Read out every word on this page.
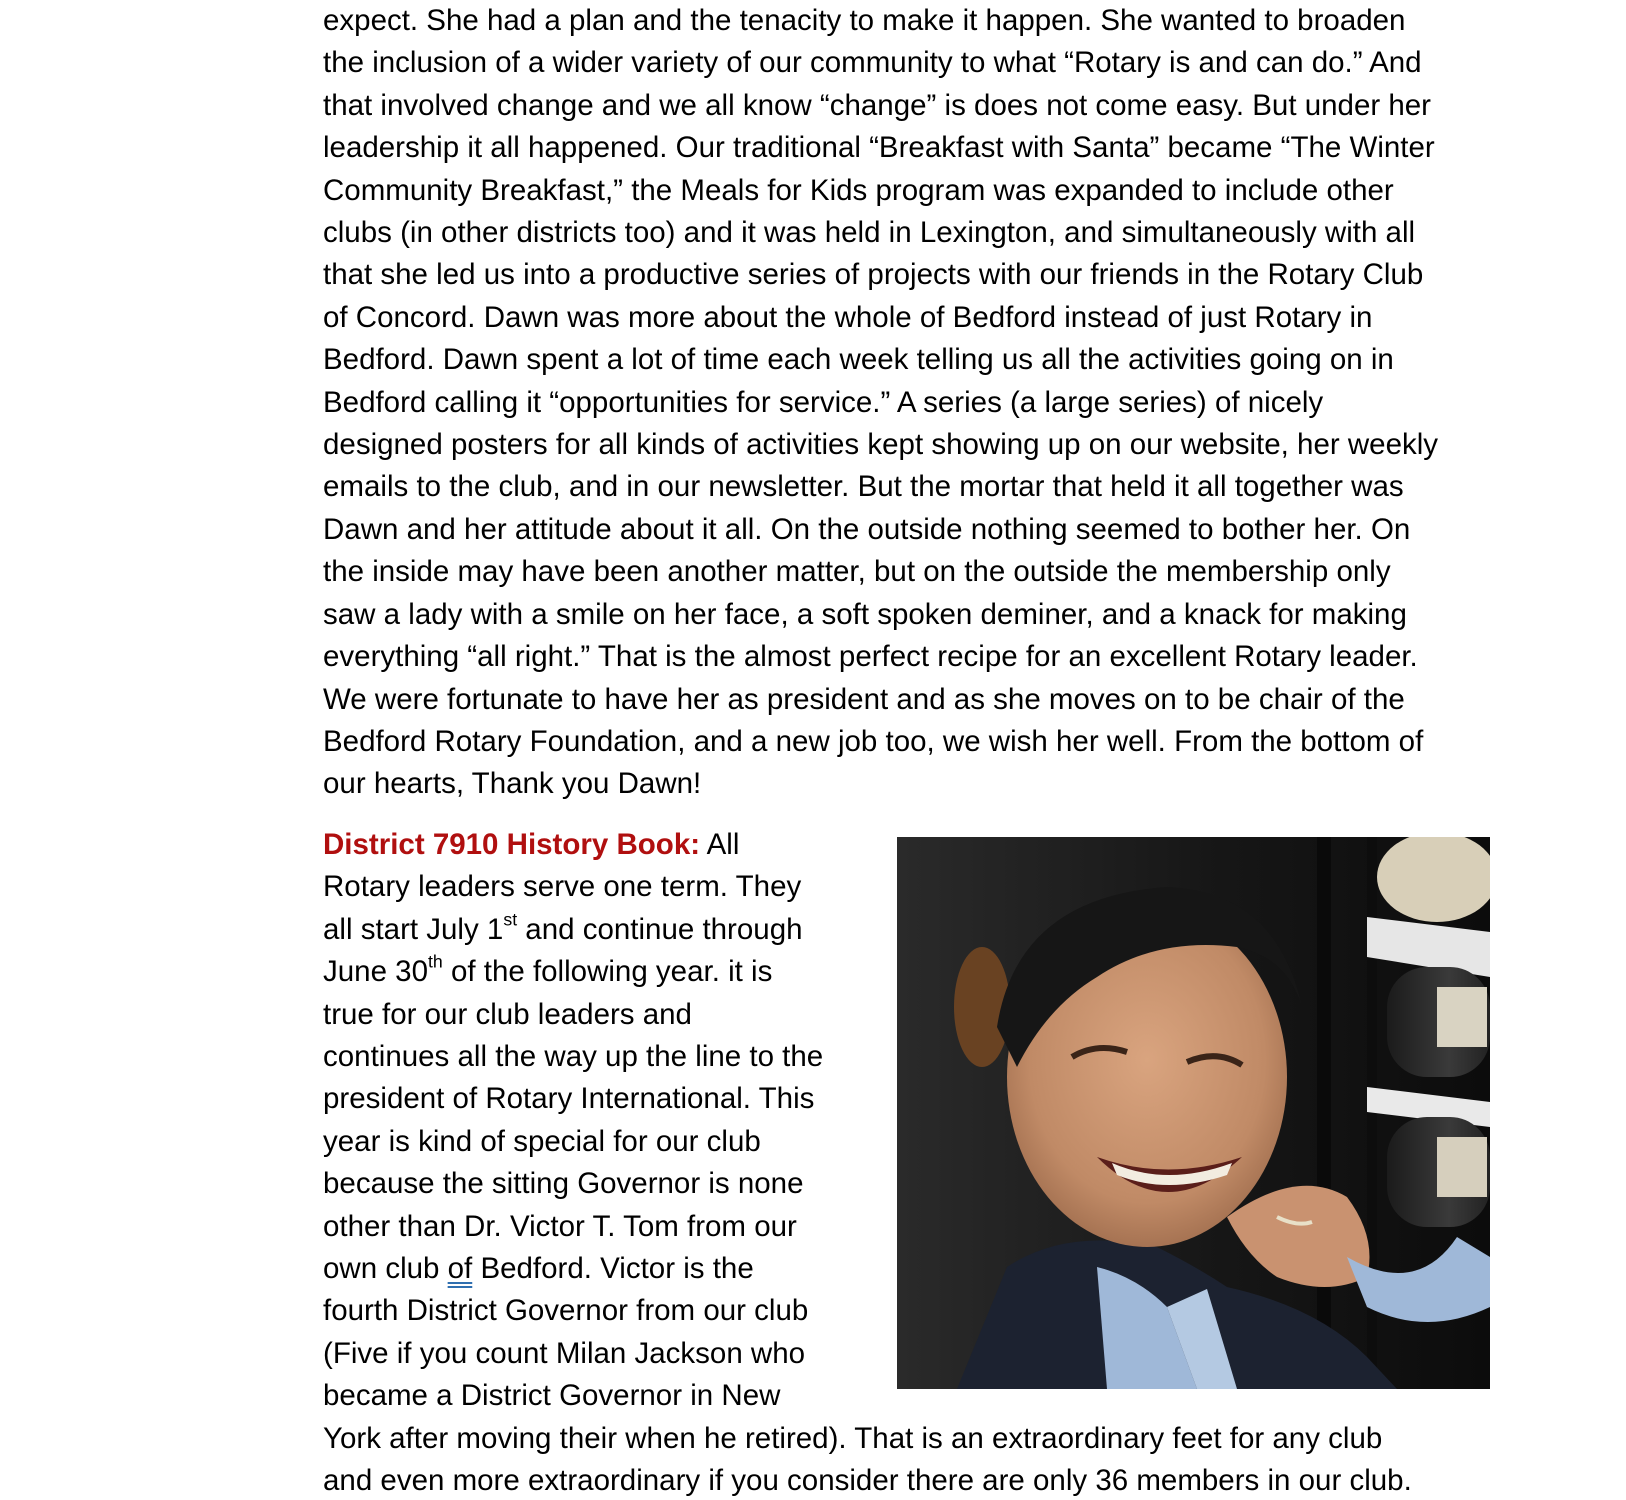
expect. She had a plan and the tenacity to make it happen. She wanted to broaden
the inclusion of a wider variety of our community to what “Rotary is and can do.” And
that involved change and we all know “change” is does not come easy. But under her
leadership it all happened. Our traditional “Breakfast with Santa” became “The Winter
Community Breakfast,” the Meals for Kids program was expanded to include other
clubs (in other districts too) and it was held in Lexington, and simultaneously with all
that she led us into a productive series of projects with our friends in the Rotary Club
of Concord. Dawn was more about the whole of Bedford instead of just Rotary in
Bedford. Dawn spent a lot of time each week telling us all the activities going on in
Bedford calling it “opportunities for service.” A series (a large series) of nicely
designed posters for all kinds of activities kept showing up on our website, her weekly
emails to the club, and in our newsletter. But the mortar that held it all together was
Dawn and her attitude about it all. On the outside nothing seemed to bother her. On
the inside may have been another matter, but on the outside the membership only
saw a lady with a smile on her face, a soft spoken deminer, and a knack for making
everything “all right.” That is the almost perfect recipe for an excellent Rotary leader.
We were fortunate to have her as president and as she moves on to be chair of the
Bedford Rotary Foundation, and a new job too, we wish her well. From the bottom of
our hearts, Thank you Dawn!
District 7910 History Book: All
Rotary leaders serve one term. They
all start July 1st and continue through
June 30th of the following year. it is
true for our club leaders and
continues all the way up the line to the
president of Rotary International. This
year is kind of special for our club
because the sitting Governor is none
other than Dr. Victor T. Tom from our
own club of Bedford. Victor is the
fourth District Governor from our club
(Five if you count Milan Jackson who
became a District Governor in New
York after moving their when he retired). That is an extraordinary feet for any club
and even more extraordinary if you consider there are only 36 members in our club.
